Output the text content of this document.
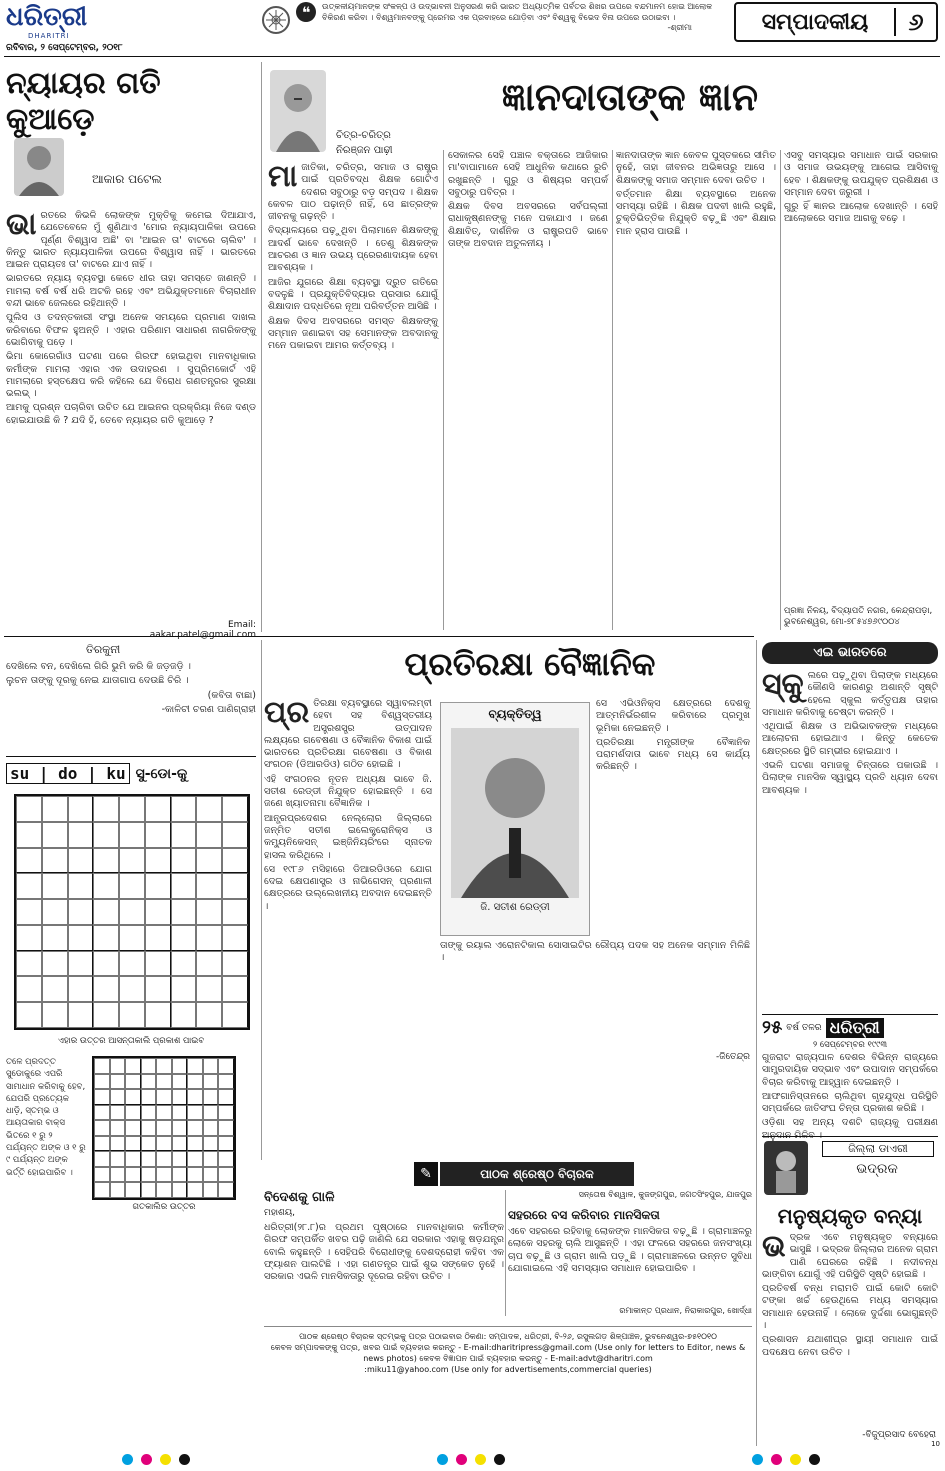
ଧରିତ୍ରୀ
DHARITRI
❝	ଉତ୍କଳୀୟମାନଙ୍କ ସଂକଳ୍ପ ଓ ଉଦ୍ଭାବନୀ ଅନୁସରଣ କରି ଭାରତ ଅଧ୍ୟାତ୍ମିକ ପର୍ବତର ଶିଖର ଉପରେ ବନ୍ଦମାନମ ହୋଇ ଆଲୋକ ବିକିରଣ କରିବା । ବିଶ୍ୱମାନବଙ୍କୁ ପ୍ରେମର ଏକ ପ୍ରବାହରେ ଯୋଡ଼ିବା ଏବଂ ବିଶ୍ୱକୁ ବିଭେଦ ବିନା ଉପରେ ଉଠାଇବା ।
-ଶ୍ରୀମା	ସମ୍ପାଦକୀୟ	୬
ରବିବାର, ୨ ସେପ୍ଟେମ୍ବର, ୨୦୧୮
ନ୍ୟାୟର ଗତି କୁଆଡ଼େ
ଆକାର ପଟେଲ
ଭା ରତରେ କିଭଳି ଲୋକଙ୍କ ମୁକ୍ତିକୁ କମେଇ ଦିଆଯାଏ, ଯେତେବେଳେ ମୁଁ ଶୁଣିଥାଏ 'ମୋର ନ୍ୟାୟପାଳିକା ଉପରେ ପୂର୍ଣ୍ଣ ବିଶ୍ୱାସ ଅଛି' ବା 'ଆଇନ ତା' ବାଟରେ ଚାଲିବ' । କିନ୍ତୁ ଭାରତ ନ୍ୟାୟପାଳିକା ଉପରେ ବିଶ୍ୱାସ ନାହିଁ । ଭାରତରେ ଆଇନ ପ୍ରାୟତଃ ତା' ବାଟରେ ଯାଏ ନାହିଁ ।

ଭାରତରେ ନ୍ୟାୟ ବ୍ୟବସ୍ଥା କେତେ ଧୀର ତାହା ସମସ୍ତେ ଜାଣନ୍ତି । ମାମଲା ବର୍ଷ ବର୍ଷ ଧରି ଅଟକି ରହେ ଏବଂ ଅଭିଯୁକ୍ତମାନେ ବିଚାରାଧୀନ ବନ୍ଦୀ ଭାବେ ଜେଲରେ ରହିଥାନ୍ତି ।

ପୁଲିସ ଓ ତଦନ୍ତକାରୀ ସଂସ୍ଥା ଅନେକ ସମୟରେ ପ୍ରମାଣ ଦାଖଲ କରିବାରେ ବିଫଳ ହୁଅନ୍ତି । ଏହାର ପରିଣାମ ସାଧାରଣ ନାଗରିକଙ୍କୁ ଭୋଗିବାକୁ ପଡ଼େ ।

ଭିମା କୋରେଗାଁଓ ଘଟଣା ପରେ ଗିରଫ ହୋଇଥିବା ମାନବାଧିକାର କର୍ମୀଙ୍କ ମାମଲା ଏହାର ଏକ ଉଦାହରଣ । ସୁପ୍ରିମକୋର୍ଟ ଏହି ମାମଲାରେ ହସ୍ତକ୍ଷେପ କରି କହିଲେ ଯେ ବିରୋଧ ଗଣତନ୍ତ୍ରର ସୁରକ୍ଷା ଭଲଭ୍ ।

ଆମକୁ ପ୍ରଶ୍ନ ପଚାରିବା ଉଚିତ ଯେ ଆଇନର ପ୍ରକ୍ରିୟା ନିଜେ ଦଣ୍ଡ ହୋଇଯାଉଛି କି ? ଯଦି ହଁ, ତେବେ ନ୍ୟାୟର ଗତି କୁଆଡ଼େ ?

Email: aakar.patel@gmail.com
ଚିତ୍ର-ଚରିତ୍ର
ନିରଞ୍ଜନ ପାଢ଼ୀ
ମା ଜାତିକା, ଚରିତ୍ର, ସମାଜ ଓ ରାଷ୍ଟ୍ର ପାଇଁ ପ୍ରତିବଦ୍ଧ ଶିକ୍ଷକ ଗୋଟିଏ ଦେଶର ସବୁଠାରୁ ବଡ଼ ସମ୍ପଦ । ଶିକ୍ଷକ କେବଳ ପାଠ ପଢ଼ାନ୍ତି ନାହିଁ, ସେ ଛାତ୍ରଙ୍କ ଜୀବନକୁ ଗଢ଼ନ୍ତି ।

ବିଦ୍ୟାଳୟରେ ପଢ଼ୁଥିବା ପିଲାମାନେ ଶିକ୍ଷକଙ୍କୁ ଆଦର୍ଶ ଭାବେ ଦେଖନ୍ତି । ତେଣୁ ଶିକ୍ଷକଙ୍କ ଆଚରଣ ଓ ଜ୍ଞାନ ଉଭୟ ପ୍ରେରଣାଦାୟକ ହେବା ଆବଶ୍ୟକ ।

ଆଜିର ଯୁଗରେ ଶିକ୍ଷା ବ୍ୟବସ୍ଥା ଦ୍ରୁତ ଗତିରେ ବଦଳୁଛି । ପ୍ରଯୁକ୍ତିବିଦ୍ୟାର ପ୍ରସାର ଯୋଗୁଁ ଶିକ୍ଷାଦାନ ପଦ୍ଧତିରେ ନୂଆ ପରିବର୍ତ୍ତନ ଆସିଛି ।

ଶିକ୍ଷକ ଦିବସ ଅବସରରେ ସମସ୍ତ ଶିକ୍ଷକଙ୍କୁ ସମ୍ମାନ ଜଣାଇବା ସହ ସେମାନଙ୍କ ଅବଦାନକୁ ମନେ ପକାଇବା ଆମର କର୍ତ୍ତବ୍ୟ ।

ଜ୍ଞାନଦାତାଙ୍କ ଜ୍ଞାନ

ସେକାଳର ସେହି ପଞ୍ଚାଳ ବକ୍ତାରେ ଆଜିକାର ମା'ବାପାମାନେ ସେହି ଆଧୁନିକ କଥାରେ ରୁଚି ରଖୁଛନ୍ତି । ଗୁରୁ ଓ ଶିଷ୍ୟର ସମ୍ପର୍କ ସବୁଠାରୁ ପବିତ୍ର ।

ଶିକ୍ଷକ ଦିବସ ଅବସରରେ ସର୍ବପଲ୍ଲୀ ରାଧାକୃଷ୍ଣନଙ୍କୁ ମନେ ପକାଯାଏ । ଜଣେ ଶିକ୍ଷାବିତ୍, ଦାର୍ଶନିକ ଓ ରାଷ୍ଟ୍ରପତି ଭାବେ ତାଙ୍କ ଅବଦାନ ଅତୁଳନୀୟ ।

ଜ୍ଞାନଦାତାଙ୍କ ଜ୍ଞାନ କେବଳ ପୁସ୍ତକରେ ସୀମିତ ନୁହେଁ, ତାହା ଜୀବନର ଅଭିଜ୍ଞତାରୁ ଆସେ । ଶିକ୍ଷକଙ୍କୁ ସମାଜ ସମ୍ମାନ ଦେବା ଉଚିତ ।

ବର୍ତ୍ତମାନ ଶିକ୍ଷା ବ୍ୟବସ୍ଥାରେ ଅନେକ ସମସ୍ୟା ରହିଛି । ଶିକ୍ଷକ ପଦବୀ ଖାଲି ରହୁଛି, ଚୁକ୍ତିଭିତ୍ତିକ ନିଯୁକ୍ତି ବଢ଼ୁଛି ଏବଂ ଶିକ୍ଷାର ମାନ ହ୍ରାସ ପାଉଛି ।

ଏସବୁ ସମସ୍ୟାର ସମାଧାନ ପାଇଁ ସରକାର ଓ ସମାଜ ଉଭୟଙ୍କୁ ଆଗେଇ ଆସିବାକୁ ହେବ । ଶିକ୍ଷକଙ୍କୁ ଉପଯୁକ୍ତ ପ୍ରଶିକ୍ଷଣ ଓ ସମ୍ମାନ ଦେବା ଜରୁରୀ ।

ଗୁରୁ ହିଁ ଜ୍ଞାନର ଆଲୋକ ଦେଖାନ୍ତି । ସେହି ଆଲୋକରେ ସମାଜ ଆଗକୁ ବଢ଼େ ।

ପ୍ରଜ୍ଞା ନିଳୟ, ବିଦ୍ୟାପତି ନଗର, କେନ୍ଦ୍ରାପଡ଼ା, ଭୁବନେଶ୍ୱର, ମୋ-୭୮୫୪୭୬୯୦୦୪
ଏଇ ଭାରତରେ
ସ୍କୁ ଲରେ ପଢ଼ୁଥିବା ପିଲାଙ୍କ ମଧ୍ୟରେ କୌଣସି କାରଣରୁ ଅଶାନ୍ତି ସୃଷ୍ଟି ହେଲେ ସ୍କୁଲ କର୍ତ୍ତୃପକ୍ଷ ତାହାର ସମାଧାନ କରିବାକୁ ଚେଷ୍ଟା କରନ୍ତି ।

ଏଥିପାଇଁ ଶିକ୍ଷକ ଓ ଅଭିଭାବକଙ୍କ ମଧ୍ୟରେ ଆଲୋଚନା ହୋଇଥାଏ । କିନ୍ତୁ କେତେକ କ୍ଷେତ୍ରରେ ସ୍ଥିତି ଗମ୍ଭୀର ହୋଇଯାଏ ।

ଏଭଳି ଘଟଣା ସମାଜକୁ ଚିନ୍ତାରେ ପକାଉଛି । ପିଲାଙ୍କ ମାନସିକ ସ୍ୱାସ୍ଥ୍ୟ ପ୍ରତି ଧ୍ୟାନ ଦେବା ଆବଶ୍ୟକ ।

୨୫ ବର୍ଷ ତଳର ଧରିତ୍ରୀ
୨ ସେପ୍ଟେମ୍ବର ୧୯୯୩

ଗୁଜରାଟ ରାଜ୍ୟପାଳ ଦେଶର ବିଭିନ୍ନ ରାଜ୍ୟରେ ସାମ୍ପ୍ରଦାୟିକ ସଦ୍ଭାବ ଏବଂ ଉପାଦାନ ସମ୍ପର୍କରେ ବିଚାର କରିବାକୁ ଆହ୍ୱାନ ଦେଇଛନ୍ତି ।

ଆଫଗାନିସ୍ତାନରେ ଚାଲିଥିବା ଗୃହଯୁଦ୍ଧ ପରିସ୍ଥିତି ସମ୍ପର୍କରେ ଜାତିସଂଘ ଚିନ୍ତା ପ୍ରକାଶ କରିଛି ।

ଓଡ଼ିଶା ସହ ଅନ୍ୟ ଦଶଟି ରାଜ୍ୟକୁ ପରୀକ୍ଷଣ ଅନୁଦାନ ମିଳିବ ।

ଜିଲ୍ଲା ଡାଏରୀ
ଭଦ୍ରକ
ମନୁଷ୍ୟକୃତ ବନ୍ୟା
ଭ ଦ୍ରକ ଏବେ ମନୁଷ୍ୟକୃତ ବନ୍ୟାରେ ଭାସୁଛି । ଭଦ୍ରକ ଜିଲ୍ଲାର ଅନେକ ଗ୍ରାମ ପାଣି ଘେରରେ ରହିଛି । ନଦୀବନ୍ଧ ଭାଙ୍ଗିବା ଯୋଗୁଁ ଏହି ପରିସ୍ଥିତି ସୃଷ୍ଟି ହୋଇଛି ।

ପ୍ରତିବର୍ଷ ବନ୍ଧ ମରାମତି ପାଇଁ କୋଟି କୋଟି ଟଙ୍କା ଖର୍ଚ୍ଚ ହେଉଥିଲେ ମଧ୍ୟ ସମସ୍ୟାର ସମାଧାନ ହେଉନାହିଁ । ଲୋକେ ଦୁର୍ଦ୍ଦଶା ଭୋଗୁଛନ୍ତି ।

ପ୍ରଶାସନ ଯଥାଶୀଘ୍ର ସ୍ଥାୟୀ ସମାଧାନ ପାଇଁ ପଦକ୍ଷେପ ନେବା ଉଚିତ ।

-ବିଜୁପ୍ରସାଦ ବେହେରା
ପ୍ରତିରକ୍ଷା ବୈଜ୍ଞାନିକ
ପ୍ର ତିରକ୍ଷା ବ୍ୟବସ୍ଥାରେ ସ୍ୱାବଲମ୍ବୀ ହେବା ସହ ବିଶ୍ୱସ୍ତରୀୟ ଅସ୍ତ୍ରଶସ୍ତ୍ର ଉତ୍ପାଦନ ଲକ୍ଷ୍ୟରେ ଗବେଷଣା ଓ ବୈଜ୍ଞାନିକ ବିକାଶ ପାଇଁ ଭାରତରେ ପ୍ରତିରକ୍ଷା ଗବେଷଣା ଓ ବିକାଶ ସଂଗଠନ (ଡିଆରଡିଓ) ଗଠିତ ହୋଇଛି ।

ଏହି ସଂଗଠନର ନୂତନ ଅଧ୍ୟକ୍ଷ ଭାବେ ଜି. ସତୀଶ ରେଡ୍ଡୀ ନିଯୁକ୍ତ ହୋଇଛନ୍ତି । ସେ ଜଣେ ଖ୍ୟାତନାମା ବୈଜ୍ଞାନିକ ।

ଆନ୍ଧ୍ରପ୍ରଦେଶର ନେଲ୍ଲୋର ଜିଲ୍ଲାରେ ଜନ୍ମିତ ସତୀଶ ଇଲେକ୍ଟ୍ରୋନିକ୍ସ ଓ କମ୍ୟୁନିକେସନ୍ ଇଞ୍ଜିନିୟରିଂରେ ସ୍ନାତକ ହାସଲ କରିଥିଲେ ।

ସେ ୧୯୮୬ ମସିହାରେ ଡିଆରଡିଓରେ ଯୋଗ ଦେଇ କ୍ଷେପଣାସ୍ତ୍ର ଓ ନାଭିଗେସନ୍ ପ୍ରଣାଳୀ କ୍ଷେତ୍ରରେ ଉଲ୍ଲେଖନୀୟ ଅବଦାନ ଦେଇଛନ୍ତି ।

ବ୍ୟକ୍ତିତ୍ୱ
ଜି. ସତୀଶ ରେଡ୍ଡୀ

ସେ ଏଭିଓନିକ୍ସ କ୍ଷେତ୍ରରେ ଦେଶକୁ ଆତ୍ମନିର୍ଭରଶୀଳ କରିବାରେ ପ୍ରମୁଖ ଭୂମିକା ନେଇଛନ୍ତି ।

ପ୍ରତିରକ୍ଷା ମନ୍ତ୍ରୀଙ୍କ ବୈଜ୍ଞାନିକ ପରାମର୍ଶଦାତା ଭାବେ ମଧ୍ୟ ସେ କାର୍ଯ୍ୟ କରିଛନ୍ତି ।

ତାଙ୍କୁ ରୟାଲ ଏରୋନଟିକାଲ ସୋସାଇଟିର ରୌପ୍ୟ ପଦକ ସହ ଅନେକ ସମ୍ମାନ ମିଳିଛି ।

-ଜିତେନ୍ଦ୍ର
ତିରକୁନୀ

ଦେଖିଲେ ବନ, ଦେଖିଲେ ଗିରି ଭୁମି କରି କି ଜଡ଼ଜଡ଼ି ।

ଲୁଚନ ତାଙ୍କୁ ଦୂରକୁ ନେଇ ଯାତାଗାପ ଦେଉଛି ଚିରି ।

(କବିତା ବାଛା)

-କାଳିଚୀ ଚରଣ ପାଣିଗ୍ରାହୀ

su | do | ku ସୁ-ଡୋ-କୁ
ଏହାର ଉତ୍ତର ଆସନ୍ତାକାଲି ପ୍ରକାଶ ପାଇବ
ତଳେ ପ୍ରଦତ୍ତ ସୁଡୋକୁରେ ଏପରି ସାମାଧାନ କରିବାକୁ ହେବ, ଯେପରି ପ୍ରତ୍ୟେକ ଧାଡ଼ି, ସ୍ତମ୍ଭ ଓ ଆୟତାକାର ବାକ୍ସ ଭିତରେ ୧ ରୁ ୨ ପର୍ଯ୍ୟନ୍ତ ଅଙ୍କ ଓ ୧ ରୁ ୯ ପର୍ଯ୍ୟନ୍ତ ଅଙ୍କ ଭର୍ତ୍ତି ହୋଇପାରିବ ।
ଗତକାଲିର ଉତ୍ତର
✎	ପାଠକ ଶ୍ରେଷ୍ଠ ବିଚାରକ
ବିଦେଶକୁ ଗାଳି
ମହାଶୟ,
ଧରିତ୍ରୀ(୨୮.୮)ର ପ୍ରଥମ ପୃଷ୍ଠାରେ ମାନବାଧିକାର କର୍ମୀଙ୍କ ଗିରଫ ସମ୍ପର୍କିତ ଖବର ପଢ଼ି ଜାଣିଲି ଯେ ସରକାର ଏହାକୁ ଷଡ଼ଯନ୍ତ୍ର ବୋଲି କହୁଛନ୍ତି । ସେହିପରି ବିରୋଧୀଙ୍କୁ ଦେଶଦ୍ରୋହୀ କହିବା ଏକ ଫ୍ୟାଶନ ପାଲଟିଛି । ଏହା ଗଣତନ୍ତ୍ର ପାଇଁ ଶୁଭ ସଙ୍କେତ ନୁହେଁ । ସରକାର ଏଭଳି ମାନସିକତାରୁ ଦୂରେଇ ରହିବା ଉଚିତ ।
ସନ୍ତୋଷ ବିଶ୍ୱାଳ, କୁଜଙ୍ଗପୁର, ଜଗତସିଂହପୁର, ଯାଜପୁର
ସହରରେ ବସ କରିବାର ମାନସିକତା
ଏବେ ସହରରେ ରହିବାକୁ ଲୋକଙ୍କ ମାନସିକତା ବଢ଼ୁଛି । ଗ୍ରାମାଞ୍ଚଳରୁ ଲୋକେ ସହରକୁ ଚାଲି ଆସୁଛନ୍ତି । ଏହା ଫଳରେ ସହରରେ ଜନସଂଖ୍ୟା ଚାପ ବଢ଼ୁଛି ଓ ଗ୍ରାମ ଖାଲି ପଡ଼ୁଛି । ଗ୍ରାମାଞ୍ଚଳରେ ଉନ୍ନତ ସୁବିଧା ଯୋଗାଇଲେ ଏହି ସମସ୍ୟାର ସମାଧାନ ହୋଇପାରିବ ।
ରମାକାନ୍ତ ପ୍ରଧାନ, ନିରାକାରପୁର, ଖୋର୍ଦ୍ଧା
ପାଠକ ଶ୍ରେଷ୍ଠ ବିଚାରକ ସ୍ତମ୍ଭକୁ ପତ୍ର ପଠାଇବାର ଠିକଣା: ସମ୍ପାଦକ, ଧରିତ୍ରୀ, ବି-୨୬, ରସୁଲଗଡ଼ ଶିଳ୍ପାଞ୍ଚଳ, ଭୁବନେଶ୍ୱର-୭୫୧୦୧୦
କେବଳ ସମ୍ପାଦକଙ୍କୁ ପତ୍ର, ଖବର ପାଇଁ ବ୍ୟବହାର କରନ୍ତୁ - E-mail:dharitripress@gmail.com (Use only for letters to Editor, news & news photos) କେବଳ ବିଜ୍ଞାପନ ପାଇଁ ବ୍ୟବହାର କରନ୍ତୁ - E-mail:advt@dharitri.com
:miku11@yahoo.com (Use only for advertisements,commercial queries)

10
